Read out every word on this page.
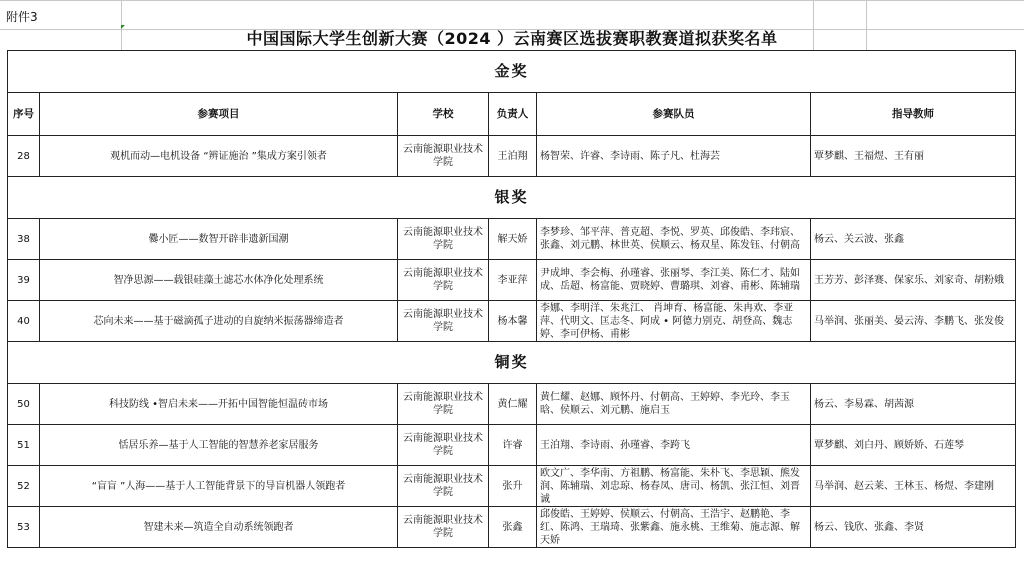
附件3
中国国际大学生创新大赛（2024 ）云南赛区选拔赛职教赛道拟获奖名单
金奖					
序号	参赛项目	学校	负责人	参赛队员	指导教师
28	观机而动—电机设备 “辨证施治 ”集成方案引领者	云南能源职业技术学院	王泊翔	杨智荣、许睿、李诗雨、陈子凡、杜海芸	覃梦麒、王福煜、王有丽
银奖					
38	爨小匠——数智开辟非遗新国潮	云南能源职业技术学院	解天娇	李梦珍、邹平萍、普克超、李悦、罗英、邱俊皓、李玮宸、张鑫、刘元鹏、林世英、侯顺云、杨双星、陈发钰、付朝高	杨云、关云波、张鑫
39	智净思源——载银硅藻土滤芯水体净化处理系统	云南能源职业技术学院	李亚萍	尹成坤、李会梅、孙瑾睿、张丽琴、李江美、陈仁才、陆如成、岳超、杨富能、贾晓婷、曹璐琪、刘睿、甫彬、陈辅瑞	王芳芳、彭泽赛、保家乐、刘家奇、胡粉娥
40	芯向未来——基于磁滴孤子进动的自旋纳米振荡器缔造者	云南能源职业技术学院	杨本馨	李娜、李明洋、朱兆江、 肖坤育、杨富能、朱冉欢、李亚萍、代明文、匡志冬、阿成 • 阿德力别克、胡登高、魏志婷、李可伊杨、甫彬	马举润、张丽美、晏云涛、李鹏飞、张发俊
铜奖					
50	科技防线 •智启未来——开拓中国智能恒温砖市场	云南能源职业技术学院	黄仁耀	黄仁耀、赵娜、顾怀丹、付朝高、王婷婷、李光玲、李玉晗、侯顺云、刘元鹏、施启玉	杨云、李易霖、胡茜源
51	恬居乐养—基于人工智能的智慧养老家居服务	云南能源职业技术学院	许睿	王泊翔、李诗雨、孙瑾睿、李跨飞	覃梦麒、刘白丹、顾娇娇、石莲琴
52	“盲盲 ”人海——基于人工智能背景下的导盲机器人领跑者	云南能源职业技术学院	张升	欧文广、李华南、方祖鹏、杨富能、朱朴飞、李思颖、熊发润、陈辅瑞、刘忠琼、杨春凤、唐司、杨凯、张江恒、刘晋诚	马举润、赵云莱、王林玉、杨煜、李建刚
53	智建未来—筑造全自动系统领跑者	云南能源职业技术学院	张鑫	邱俊皓、王婷婷、侯顺云、付朝高、王浩宇、赵鹏艳、李红、陈鸿、王瑞琦、张紫鑫、施永桃、王维菊、施志源、解天娇	杨云、钱欣、张鑫、李贤
